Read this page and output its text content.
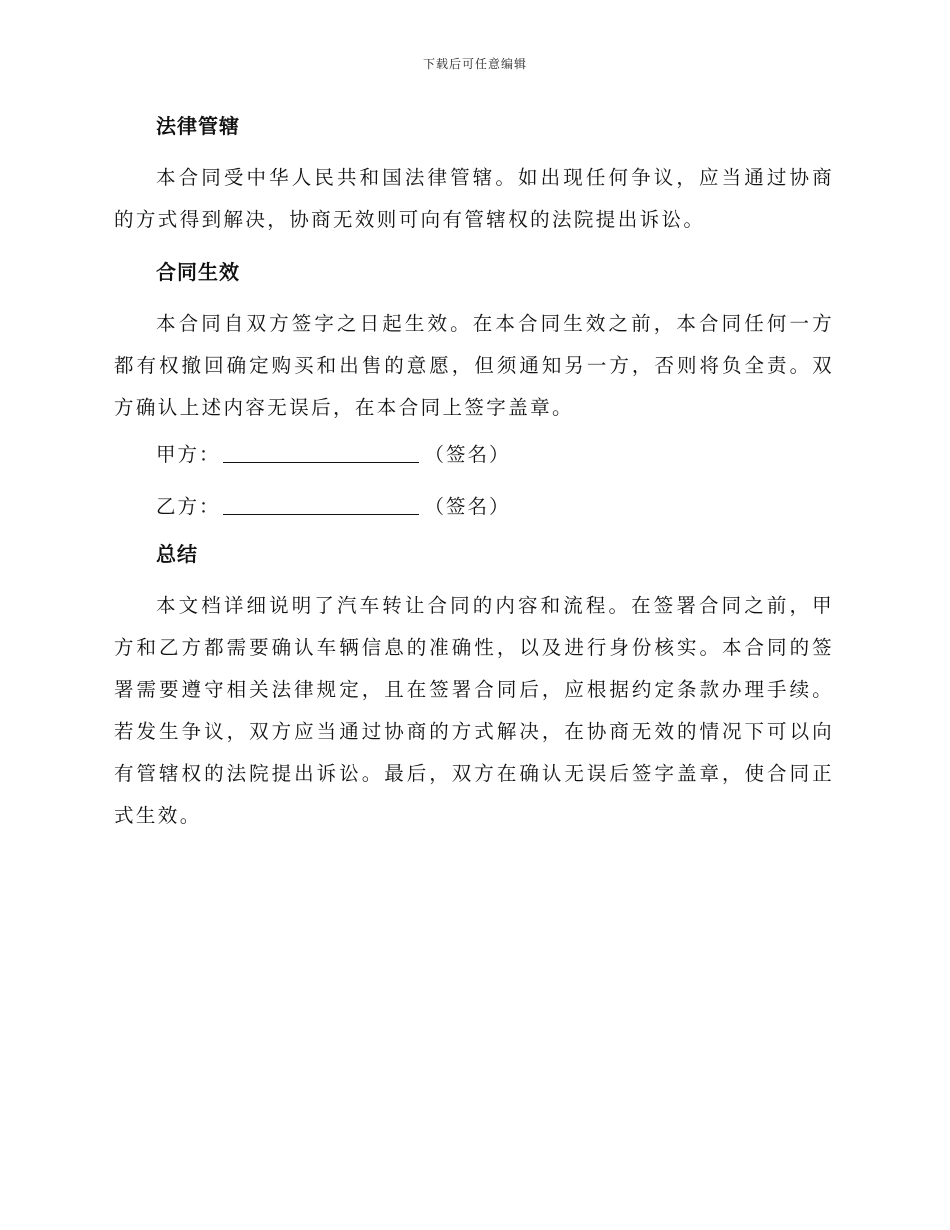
下载后可任意编辑
法律管辖

本合同受中华人民共和国法律管辖。如出现任何争议，应当通过协商的方式得到解决，协商无效则可向有管辖权的法院提出诉讼。

合同生效

本合同自双方签字之日起生效。在本合同生效之前，本合同任何一方都有权撤回确定购买和出售的意愿，但须通知另一方，否则将负全责。双方确认上述内容无误后，在本合同上签字盖章。

甲方：	（签名）
乙方：	（签名）
总结

本文档详细说明了汽车转让合同的内容和流程。在签署合同之前，甲方和乙方都需要确认车辆信息的准确性，以及进行身份核实。本合同的签署需要遵守相关法律规定，且在签署合同后，应根据约定条款办理手续。若发生争议，双方应当通过协商的方式解决，在协商无效的情况下可以向有管辖权的法院提出诉讼。最后，双方在确认无误后签字盖章，使合同正式生效。
